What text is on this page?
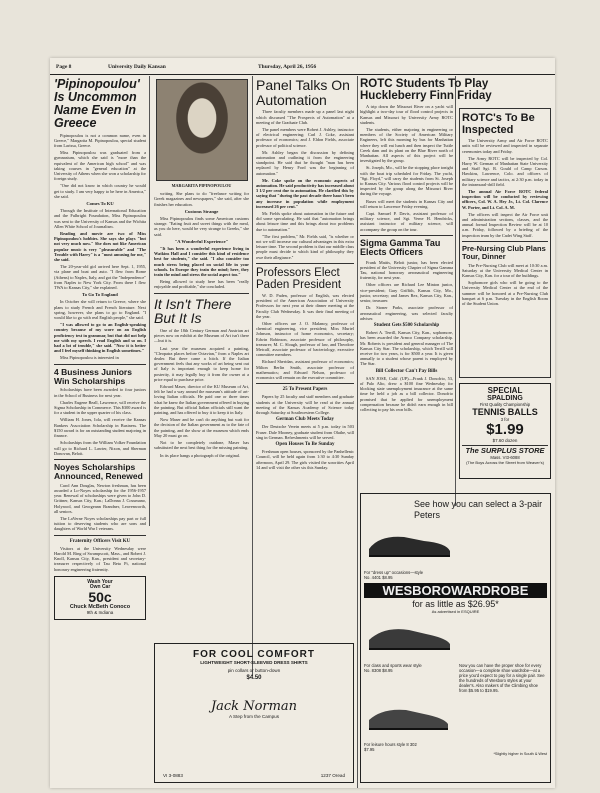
Page 8	University Daily Kansan	Thursday, April 26, 1956
'Pipinopoulou' Is Uncommon Name Even In Greece

Pipinopoulou is not a common name, even in Greece," Margarita M. Pipinopoulou, special student from Larissa, Greece.

Miss Pipinopoulou was graduated from a gymnasium, which she said is "more than the equivalent of the American high school" and was taking courses in "general education" at the University of Athens when she won a scholarship for foreign study.

"One did not know in which country he would get to study. I am very happy to be here in America," she said.

Comes To KU

Through the Institute of International Education and the Fulbright Foundation, Miss Pipinopoulou was sent to the University of Kansas and the Wichita Allen White School of Journalism.

Reading and movie are two of Miss Pipinopoulou's hobbies. She says she plays "but not very much now." She does not like American popular music is very "pleasurable" and "The Trouble with Harry" is a "most amusing for me," she said.

The 20-year-old girl arrived here Sept. 1, 1955, via plane and boat and auto. "I flew from Rome (Athens) to Naples, Italy, and got the "Independence" from Naples to New York City. From there I flew TWA to Kansas City," she explained.

To Go To England

In October she will return to Greece, where she plans to study French and French literature. Next spring, however, she plans to go to England. "I would like to go with real English people," she said.

"I was allowed to go to an English-speaking country because of my score on an English proficiency test in grammar, but that did not help me with my speech. I read English and so on. I had a lot of trouble," she said. "Now it is better and I feel myself thinking in English sometimes."

Miss Pipinopoulou is interested in

4 Business Juniors Win Scholarships

Scholarships have been awarded to four juniors in the School of Business for next year.

Charles Eugene Beall, Lawrence, will receive the Sigma Scholarship in Commerce. This $300 award is for a student in the upper quarter of his class.

William H. Jones, Iola, will receive the Kansas Bankers Association Scholarship in Business. The $150 award is for an outstanding student majoring in finance.

Scholarships from the William Volker Foundation will go to Richard L. Lawter, Nixon, and Sherman Donovan, Beloit.

Noyes Scholarships Announced, Renewed

Carol Ann Douglas, Newton freshman, has been awarded a Lo-Noyes scholarship for the 1956-1957 year. Renewal of scholarships were given to John D. Grittner, Kansas City, Kan.; LaDonna J. Cosumano, Holyrood, and Georgeann Brandner, Leavenworth, all seniors.

The LaVerne Noyes scholarships pay part or full tuition to deserving students who are sons and daughters of World War I veterans.

Fraternity Officers Visit KU

Visitors at the University Wednesday were Harold M. Ring of Swampscott, Mass., and Robert J. Knoll, Kansas City, Kan., president and secretary-treasurer respectively of Tau Beta Pi, national honorary engineering fraternity.

Wash Your
Own Car
50c
Chuck McBeth Conoco
9th & Indiana
MARGARITA PIPINOPOULOU

writing. She plans to do "freelance writing for Greek magazines and newspapers," she said, after she finishes her education.

Customs Strange

Miss Pipinopoulou finds some American customs strange. "Eating fruit and sweet things with the meal, as you do here, would be very strange to Greeks," she said.

"A Wonderful Experience"

"It has been a wonderful experience living in Watkins Hall and I consider this kind of residence best for students," she said. "I also consider too much stress being placed on social life in your schools. In Europe they train the mind; here, they train the mind and stress the social aspect too."

Being allowed to study here has been "really enjoyable and profitable," she concluded.

It Isn't There But It Is

One of the 18th Century German and Austrian art pieces now on exhibit at the Museum of Art isn't there—but it is.

Last year the museum acquired a painting, "Cleopatra places before Octavian," from a Naples art dealer. But there came a hitch. If the Italian government feels that any works of art being sent out of Italy is important enough to keep home for posterity, it may legally buy it from the owner at a price equal to purchase price.

Edward Maser, director of the KU Museum of Art, felt he had a way around the museum's attitude of art-loving Italian officials. He paid one or three times what he knew the Italian government offered in buying the painting. But official Italian officials still want the painting, and has offered to buy it to keep it in Italy.

Now Maser and he can't do anything but wait for the decision of the Italian government as to the fate of the painting, and the show at the museum which ends May 20 must go on.

Not to be completely outdone, Maser has substituted the next best thing for the missing painting.

In its place hangs a photograph of the original.

Panel Talks On Automation

Three faculty members made up a panel last night which discussed "The Prospects of Automation" at a meeting of the Graduate Club.

The panel members were Robert J. Ashley, instructor of electrical engineering; Carl J. Coke, assistant professor of economics; and J. Eldon Fields, associate professor of political science.

Mr. Ashley began the discussion by defining automation and outlining it from the engineering standpoint. He said that he thought "man has been replaced by Henry Ford was the beginning of automation."

Mr. Coke spoke on the economic aspects of automation. He said productivity has increased about 3 1/2 per cent due to automation. He clarified this by saying that "during the past decade there hasn't been any increase in population while employment increased 26 per cent."

Mr. Fields spoke about automation in the future and did some speculating. He said that "automation brings about leisure time and this brings about two problems due to automation."

"The first problem," Mr. Fields said, "is whether or not we will increase our cultural advantages in this extra leisure time. The second problem is that our middle class people must decide to which kind of philosophy they owe their allegiance."

Professors Elect Paden President

W. D. Paden, professor of English, was elected president of the American Association of University Professors for next year at their dinner meeting at the Faculty Club Wednesday. It was their final meeting of the year.

Other officers are J. O. Malanoy, professor of chemical engineering, vice president; Miss Muriel Johnson, instructor of home economics, secretary; Edwin Robinson, associate professor of philosophy, treasurer; M. C. Slough, professor of law, and Theodore Metcalf, associate professor of bacteriology, executive committee members.

Richard Sheridan, assistant professor of economics; Milton Berlin Smith, associate professor of mathematics; and Edward Nelson, professor of economics will remain on the executive committee.

25 To Present Papers

Papers by 25 faculty and staff members and graduate students at the University will be read at the annual meeting of the Kansas Academy of Science today through Saturday at Southwestern College.

German Club Meets Today

Der Deutsche Verein meets at 5 p.m. today in 503 Fraser. Dale Mooney, graduate student from Olathe, will sing in German. Refreshments will be served.

Open Houses To Be Sunday

Freshman open houses, sponsored by the Panhellenic Council, will be held again from 1:30 to 4:30 Sunday afternoon, April 29. The girls visited the sororities April 14 and will visit the other six this Sunday.

ROTC Students To Play Huckleberry Finn Friday

A trip down the Missouri River on a yacht will highlight a two-day tour of flood control projects in Kansas and Missouri by University Army ROTC students.

The students, either majoring in engineering or members of the Society of American Military Engineers, left this morning by bus for Manhattan where they will eat lunch and then inspect the Tuttle Creek dam and its plant on the Blue River north of Manhattan. All aspects of this project will be investigated by the group.

St. Joseph, Mo., will be the stopping place tonight with the boat trip scheduled for Friday. The yacht, "Sgt. Floyd," will carry the students from St. Joseph to Kansas City. Various flood control projects will be inspected by the group along the Missouri River during the voyage.

Buses will meet the students in Kansas City and will return to Lawrence Friday evening.

Capt. Samuel P. Davis, assistant professor of military science, and Sgt. Verne H. Hendricks, assistant instructor of military science, will accompany the group on the tour.

Sigma Gamma Tau Elects Officers

Frank Mattis, Beloit junior, has been elected president of the University Chapter of Sigma Gamma Tau, national honorary aeronautical engineering fraternity, for next year.

Other officers are Richard Lee Minton junior, vice-president; Gary Griffith, Kansas City, Mo., junior, secretary; and James Rex, Kansas City, Kan., senior, treasurer.

Dr. Stoner Parks, associate professor of aeronautical engineering, was selected faculty adviser.

Student Gets $500 Scholarship

Robert A. Terrill, Kansas City, Kan., sophomore, has been awarded the Armco Company scholarship. Mr. Roberts is president and general manager of The Kansas City Star. The scholarship, which Terrill will receive for two years, is for $500 a year. It is given annually to a student whose parent is employed by The Star.

Bill Collector Can't Pay Bills

SAN JOSE, Calif. (UP)—Frank J. Donofrio, 53, of Palo Alto, drew a $100 fine Wednesday for blocking state unemployment insurance at the same time he held a job as a bill collector. Donofrio promised that he applied for unemployment compensation because he didn't earn enough in bill collecting to pay his own bills.

ROTC's To Be Inspected

The University Army and Air Force ROTC units will be reviewed and inspected in separate ceremonies today and Friday.

The Army ROTC will be inspected by Col. Harry W. German of Manhattan State University and Staff Sgt. R. Gould of Camp Carson. Hawkins, Lawrence, Colo. and officers of military science and tactics, at 2:30 p.m. today in the intramural-drill field.

The annual Air Force ROTC federal inspection will be conducted by reviewing officers, Col. W. A. Hey Jr., Lt. Col. Clarence W. Porter, and Lt. Col. A. M.

The officers will inspect the Air Force unit and administration sections, classes, and the annual formal Inspection Review will be at 10 a.m. Friday, followed by a briefing of the inspection team by the Cadet Wing Staff.

Pre-Nursing Club Plans Tour, Dinner

The Pre-Nursing Club will meet at 10:30 a.m. Saturday at the University Medical Center in Kansas City, Kan. for a tour of the buildings.

Sophomore girls who will be going to the University Medical Center at the end of the summer will be honored at a Pre-Nursing Club banquet at 6 p.m. Tuesday in the English Room of the Student Union.

SPECIAL
SPALDING
First Quality Championship
TENNIS BALLS
3 for
$1.99
$7.60 dozen
The SURPLUS STORE
Mass. VI3-6088
(The Boys Across the Street from Weaver's)
FOR COOL COMFORT
LIGHTWEIGHT SHORT-SLEEVED DRESS SHIRTS
pin collars or button-down
$4.50
Jack Norman
A Step from the Campus
VI 3-0883	1237 Oread
See how you can select a 3-pair Peters
For "dress up" occasions—style No. 4401 $8.95
WESBOROWARDROBE
for as little as $26.95*
As advertised in ESQUIRE
For class and sports wear style No. 8308 $8.95
Now you can have the proper shoe for every occasion—a complete shoe wardrobe—at a price you'd expect to pay for a single pair. See the hundreds of Wesboro styles at your dealer's. Also makers of the Climbing shoe from $5.95 to $19.95.
For leisure hours style 8 302 $7.95
*Slightly higher in South & West
